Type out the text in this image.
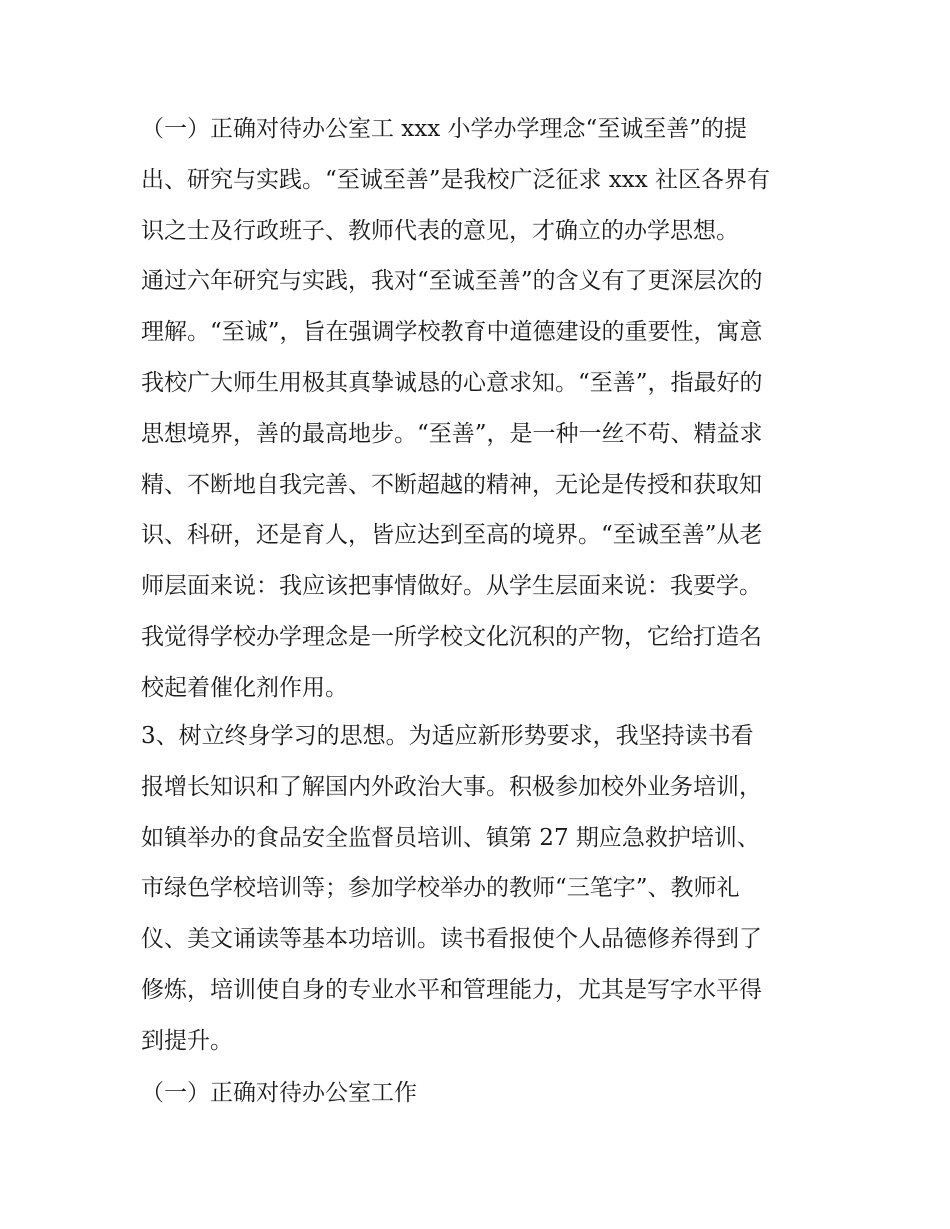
（一）正确对待办公室工 xxx 小学办学理念“至诚至善”的提
出、研究与实践。“至诚至善”是我校广泛征求 xxx 社区各界有
识之士及行政班子、教师代表的意见，才确立的办学思想。
通过六年研究与实践，我对“至诚至善”的含义有了更深层次的
理解。“至诚”，旨在强调学校教育中道德建设的重要性，寓意
我校广大师生用极其真挚诚恳的心意求知。“至善”，指最好的
思想境界，善的最高地步。“至善”，是一种一丝不苟、精益求
精、不断地自我完善、不断超越的精神，无论是传授和获取知
识、科研，还是育人，皆应达到至高的境界。“至诚至善”从老
师层面来说：我应该把事情做好。从学生层面来说：我要学。
我觉得学校办学理念是一所学校文化沉积的产物，它给打造名
校起着催化剂作用。
3、树立终身学习的思想。为适应新形势要求，我坚持读书看
报增长知识和了解国内外政治大事。积极参加校外业务培训，
如镇举办的食品安全监督员培训、镇第 27 期应急救护培训、
市绿色学校培训等；参加学校举办的教师“三笔字”、教师礼
仪、美文诵读等基本功培训。读书看报使个人品德修养得到了
修炼，培训使自身的专业水平和管理能力，尤其是写字水平得
到提升。
（一）正确对待办公室工作
